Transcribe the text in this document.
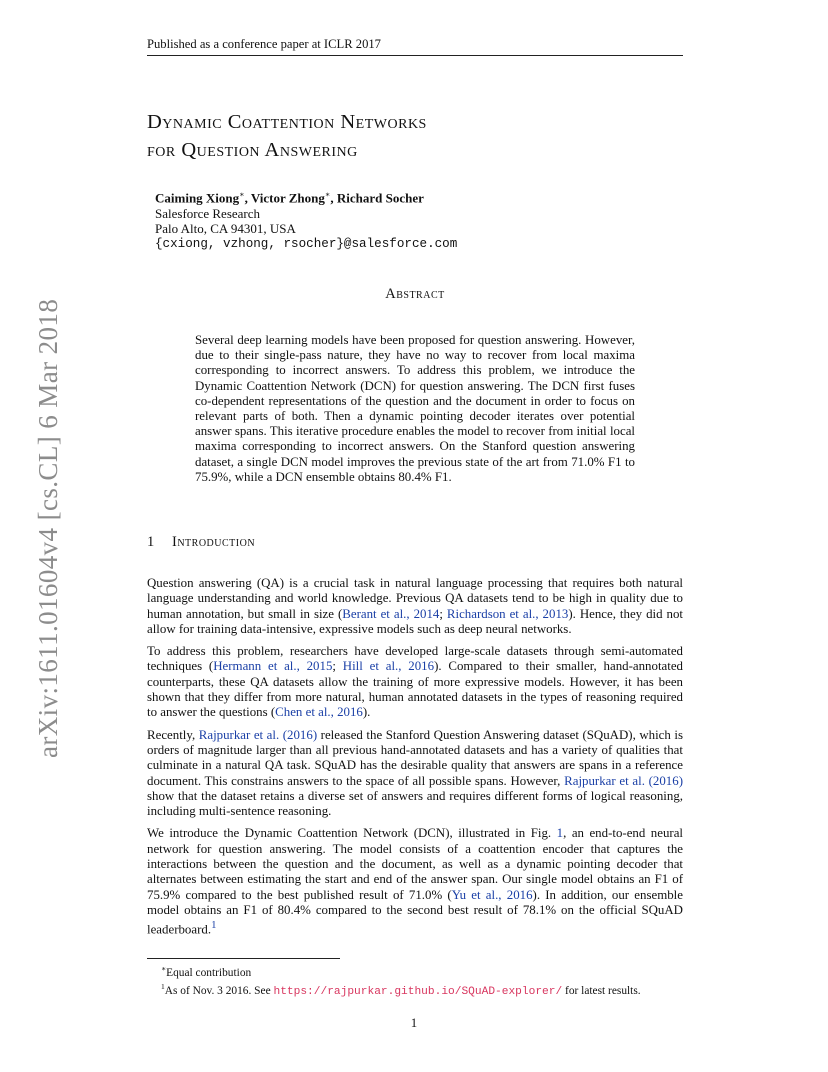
Published as a conference paper at ICLR 2017
arXiv:1611.01604v4 [cs.CL] 6 Mar 2018
Dynamic Coattention Networks
for Question Answering
Caiming Xiong∗, Victor Zhong∗, Richard Socher
Salesforce Research
Palo Alto, CA 94301, USA
{cxiong, vzhong, rsocher}@salesforce.com
Abstract
Several deep learning models have been proposed for question answering. However, due to their single-pass nature, they have no way to recover from local maxima corresponding to incorrect answers. To address this problem, we introduce the Dynamic Coattention Network (DCN) for question answering. The DCN first fuses co-dependent representations of the question and the document in order to focus on relevant parts of both. Then a dynamic pointing decoder iterates over potential answer spans. This iterative procedure enables the model to recover from initial local maxima corresponding to incorrect answers. On the Stanford question answering dataset, a single DCN model improves the previous state of the art from 71.0% F1 to 75.9%, while a DCN ensemble obtains 80.4% F1.
1 Introduction

Question answering (QA) is a crucial task in natural language processing that requires both natural language understanding and world knowledge. Previous QA datasets tend to be high in quality due to human annotation, but small in size (Berant et al., 2014; Richardson et al., 2013). Hence, they did not allow for training data-intensive, expressive models such as deep neural networks.

To address this problem, researchers have developed large-scale datasets through semi-automated techniques (Hermann et al., 2015; Hill et al., 2016). Compared to their smaller, hand-annotated counterparts, these QA datasets allow the training of more expressive models. However, it has been shown that they differ from more natural, human annotated datasets in the types of reasoning required to answer the questions (Chen et al., 2016).

Recently, Rajpurkar et al. (2016) released the Stanford Question Answering dataset (SQuAD), which is orders of magnitude larger than all previous hand-annotated datasets and has a variety of qualities that culminate in a natural QA task. SQuAD has the desirable quality that answers are spans in a reference document. This constrains answers to the space of all possible spans. However, Rajpurkar et al. (2016) show that the dataset retains a diverse set of answers and requires different forms of logical reasoning, including multi-sentence reasoning.

We introduce the Dynamic Coattention Network (DCN), illustrated in Fig. 1, an end-to-end neural network for question answering. The model consists of a coattention encoder that captures the interactions between the question and the document, as well as a dynamic pointing decoder that alternates between estimating the start and end of the answer span. Our single model obtains an F1 of 75.9% compared to the best published result of 71.0% (Yu et al., 2016). In addition, our ensemble model obtains an F1 of 80.4% compared to the second best result of 78.1% on the official SQuAD leaderboard.$^1$

∗Equal contribution
$^1$As of Nov. 3 2016. See https://rajpurkar.github.io/SQuAD-explorer/ for latest results.
1
